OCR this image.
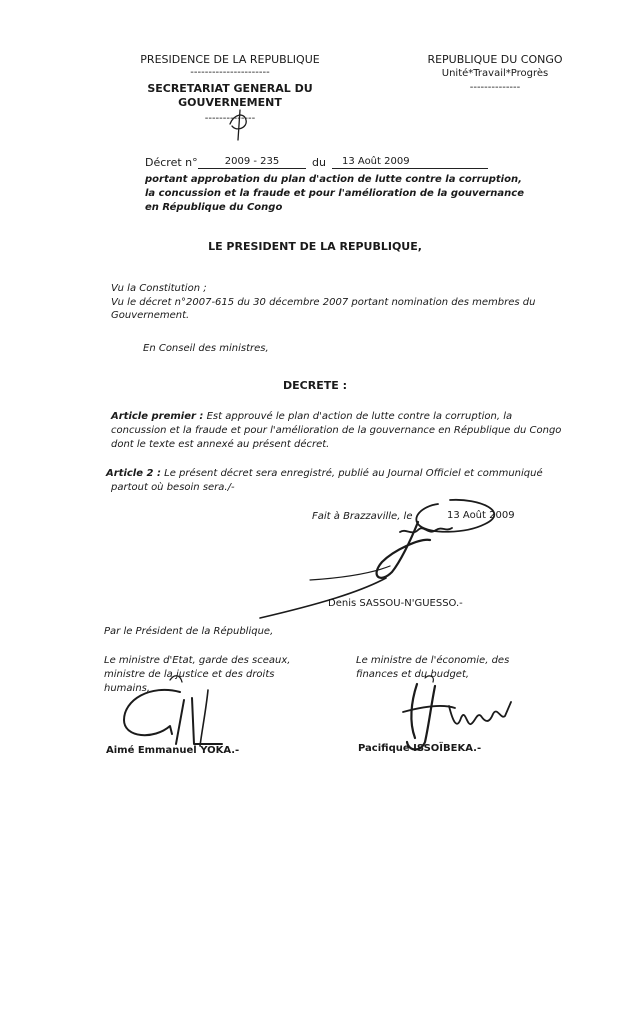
PRESIDENCE DE LA REPUBLIQUE
----------------------
SECRETARIAT GENERAL DU
GOUVERNEMENT
--------------
REPUBLIQUE DU CONGO
Unité*Travail*Progrès
--------------
Décret n°	2009 - 235	du	13 Août 2009
portant approbation du plan d'action de lutte contre la corruption,
la concussion et la fraude et pour l'amélioration de la gouvernance
en République du Congo
LE PRESIDENT DE LA REPUBLIQUE,
Vu la Constitution ;
Vu le décret n°2007-615 du 30 décembre 2007 portant nomination des membres du
Gouvernement.
En Conseil des ministres,
DECRETE :
Article premier : Est approuvé le plan d'action de lutte contre la corruption, la
concussion et la fraude et pour l'amélioration de la gouvernance en République du Congo
dont le texte est annexé au présent décret.
Article 2 : Le présent décret sera enregistré, publié au Journal Officiel et communiqué
partout où besoin sera./-
Fait à Brazzaville, le	13 Août 2009
Denis SASSOU-N'GUESSO.-
Par le Président de la République,
Le ministre d'Etat, garde des sceaux,
ministre de la justice et des droits
humains,
Aimé Emmanuel YOKA.-
Le ministre de l'économie, des
finances et du budget,
Pacifique ISSOÏBEKA.-
